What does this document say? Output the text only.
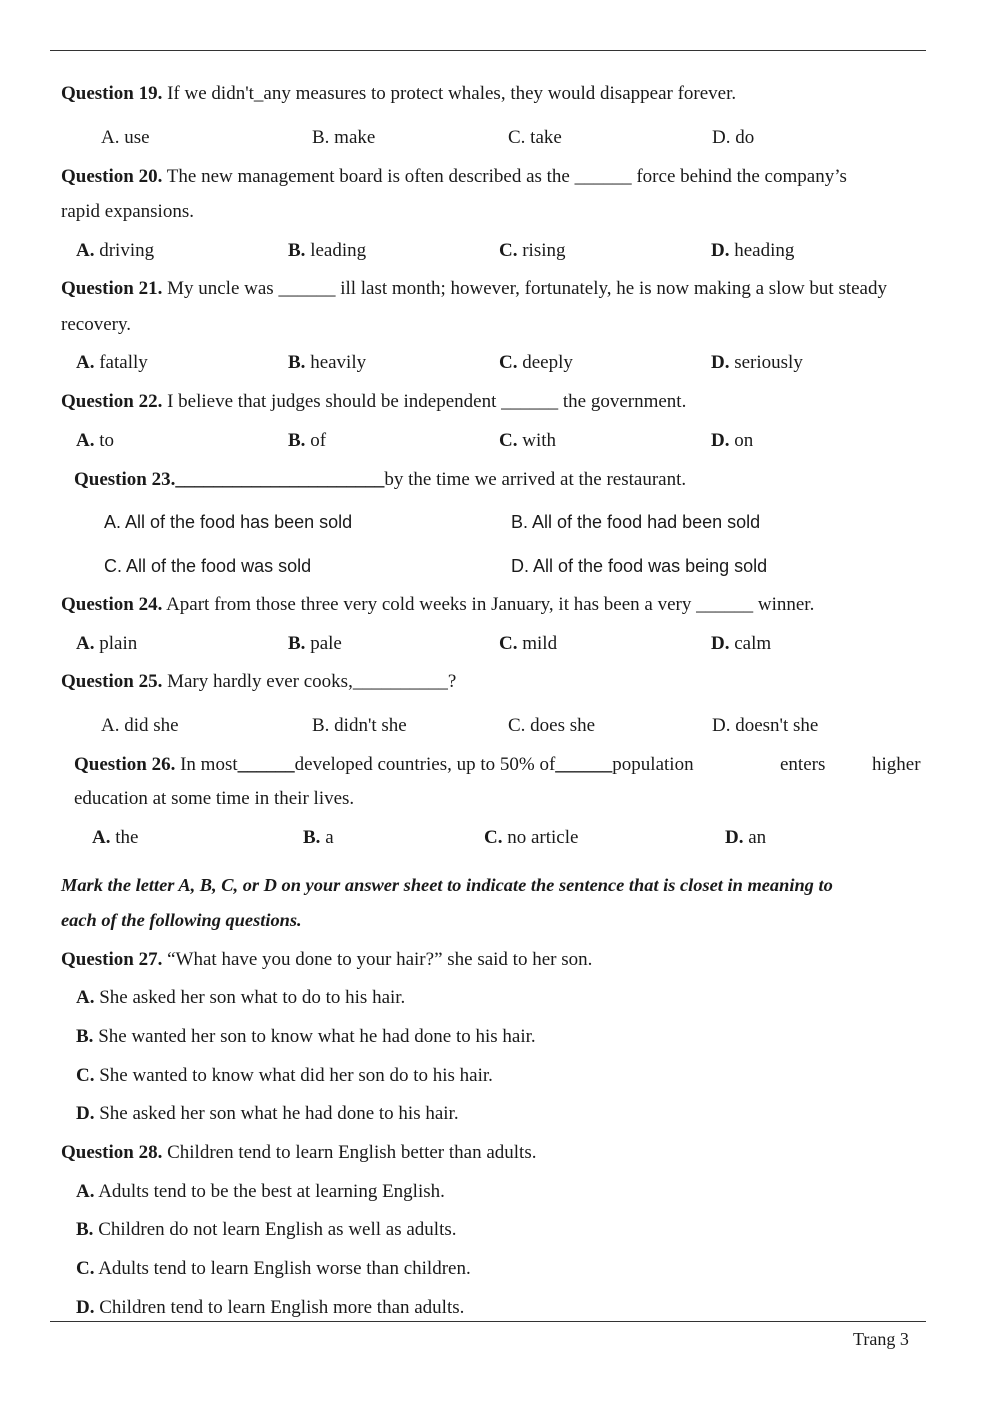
Question 19. If we didn't_any measures to protect whales, they would disappear forever.
A. use	B. make	C. take	D. do
Question 20. The new management board is often described as the ______ force behind the company’s
rapid expansions.
A. driving	B. leading	C. rising	D. heading
Question 21. My uncle was ______ ill last month; however, fortunately, he is now making a slow but steady
recovery.
A. fatally	B. heavily	C. deeply	D. seriously
Question 22. I believe that judges should be independent ______ the government.
A. to	B. of	C. with	D. on
Question 23.______________________by the time we arrived at the restaurant.
A. All of the food has been sold	B. All of the food had been sold
C. All of the food was sold	D. All of the food was being sold
Question 24. Apart from those three very cold weeks in January, it has been a very ______ winner.
A. plain	B. pale	C. mild	D. calm
Question 25. Mary hardly ever cooks,__________?
A. did she	B. didn't she	C. does she	D. doesn't she
Question 26. In most______developed countries, up to 50% of______population	enters higher
education at some time in their lives.
A. the	B. a	C. no article	D. an
Mark the letter A, B, C, or D on your answer sheet to indicate the sentence that is closet in meaning to
each of the following questions.
Question 27. “What have you done to your hair?” she said to her son.
A. She asked her son what to do to his hair.
B. She wanted her son to know what he had done to his hair.
C. She wanted to know what did her son do to his hair.
D. She asked her son what he had done to his hair.
Question 28. Children tend to learn English better than adults.
A. Adults tend to be the best at learning English.
B. Children do not learn English as well as adults.
C. Adults tend to learn English worse than children.
D. Children tend to learn English more than adults.
Trang 3
